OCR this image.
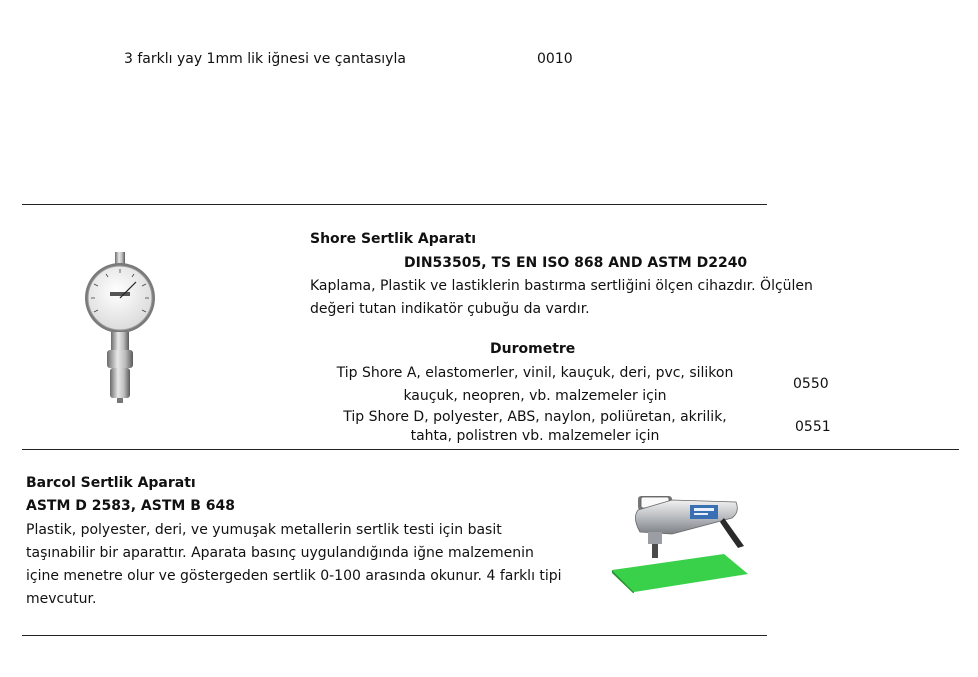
3 farklı yay 1mm lik iğnesi ve çantasıyla	0010
Shore Sertlik Aparatı
DIN53505, TS EN ISO 868 AND ASTM D2240
Kaplama, Plastik ve lastiklerin bastırma sertliğini ölçen cihazdır. Ölçülen
değeri tutan indikatör çubuğu da vardır.
Durometre
Tip Shore A, elastomerler, vinil, kauçuk, deri, pvc, silikon
kauçuk, neopren, vb. malzemeler için
0550
Tip Shore D, polyester, ABS, naylon, poliüretan, akrilik,
tahta, polistren vb. malzemeler için
0551
Barcol Sertlik Aparatı
ASTM D 2583, ASTM B 648
Plastik, polyester, deri, ve yumuşak metallerin sertlik testi için basit
taşınabilir bir aparattır. Aparata basınç uygulandığında iğne malzemenin
içine menetre olur ve göstergeden sertlik 0-100 arasında okunur. 4 farklı tipi
mevcutur.
